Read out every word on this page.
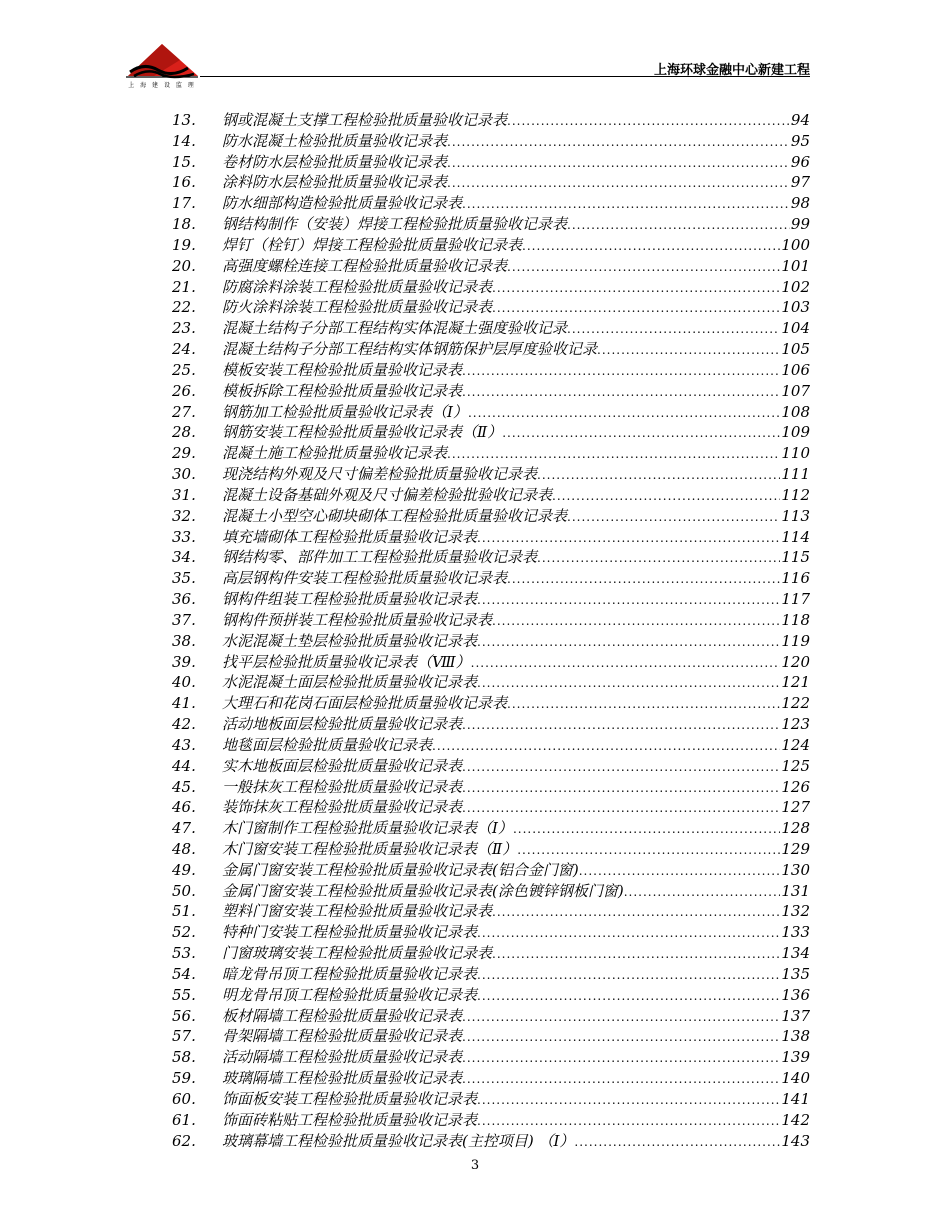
上 海 建 设 监 理
上海环球金融中心新建工程
13.	钢或混凝土支撑工程检验批质量验收记录表 .....	94
14.	防水混凝土检验批质量验收记录表 .....	95
15.	卷材防水层检验批质量验收记录表 .....	96
16.	涂料防水层检验批质量验收记录表 .....	97
17.	防水细部构造检验批质量验收记录表 .....	98
18.	钢结构制作（安装）焊接工程检验批质量验收记录表 .....	99
19.	焊钉（栓钉）焊接工程检验批质量验收记录表 .....	100
20.	高强度螺栓连接工程检验批质量验收记录表 .....	101
21.	防腐涂料涂装工程检验批质量验收记录表 .....	102
22.	防火涂料涂装工程检验批质量验收记录表 .....	103
23.	混凝土结构子分部工程结构实体混凝土强度验收记录 .....	104
24.	混凝土结构子分部工程结构实体钢筋保护层厚度验收记录 .....	105
25.	模板安装工程检验批质量验收记录表 .....	106
26.	模板拆除工程检验批质量验收记录表 .....	107
27.	钢筋加工检验批质量验收记录表（Ⅰ） .....	108
28.	钢筋安装工程检验批质量验收记录表（Ⅱ） .....	109
29.	混凝土施工检验批质量验收记录表 .....	110
30.	现浇结构外观及尺寸偏差检验批质量验收记录表 .....	111
31.	混凝土设备基础外观及尺寸偏差检验批验收记录表 .....	112
32.	混凝土小型空心砌块砌体工程检验批质量验收记录表 .....	113
33.	填充墙砌体工程检验批质量验收记录表 .....	114
34.	钢结构零、部件加工工程检验批质量验收记录表 .....	115
35.	高层钢构件安装工程检验批质量验收记录表 .....	116
36.	钢构件组装工程检验批质量验收记录表 .....	117
37.	钢构件预拼装工程检验批质量验收记录表 .....	118
38.	水泥混凝土垫层检验批质量验收记录表 .....	119
39.	找平层检验批质量验收记录表（Ⅷ） .....	120
40.	水泥混凝土面层检验批质量验收记录表 .....	121
41.	大理石和花岗石面层检验批质量验收记录表 .....	122
42.	活动地板面层检验批质量验收记录表 .....	123
43.	地毯面层检验批质量验收记录表 .....	124
44.	实木地板面层检验批质量验收记录表 .....	125
45.	一般抹灰工程检验批质量验收记录表 .....	126
46.	装饰抹灰工程检验批质量验收记录表 .....	127
47.	木门窗制作工程检验批质量验收记录表（Ⅰ） .....	128
48.	木门窗安装工程检验批质量验收记录表（Ⅱ） .....	129
49.	金属门窗安装工程检验批质量验收记录表(铝合金门窗) .....	130
50.	金属门窗安装工程检验批质量验收记录表(涂色镀锌钢板门窗) .....	131
51.	塑料门窗安装工程检验批质量验收记录表 .....	132
52.	特种门安装工程检验批质量验收记录表 .....	133
53.	门窗玻璃安装工程检验批质量验收记录表 .....	134
54.	暗龙骨吊顶工程检验批质量验收记录表 .....	135
55.	明龙骨吊顶工程检验批质量验收记录表 .....	136
56.	板材隔墙工程检验批质量验收记录表 .....	137
57.	骨架隔墙工程检验批质量验收记录表 .....	138
58.	活动隔墙工程检验批质量验收记录表 .....	139
59.	玻璃隔墙工程检验批质量验收记录表 .....	140
60.	饰面板安装工程检验批质量验收记录表 .....	141
61.	饰面砖粘贴工程检验批质量验收记录表 .....	142
62.	玻璃幕墙工程检验批质量验收记录表(主控项目) （Ⅰ） .....	143
3
